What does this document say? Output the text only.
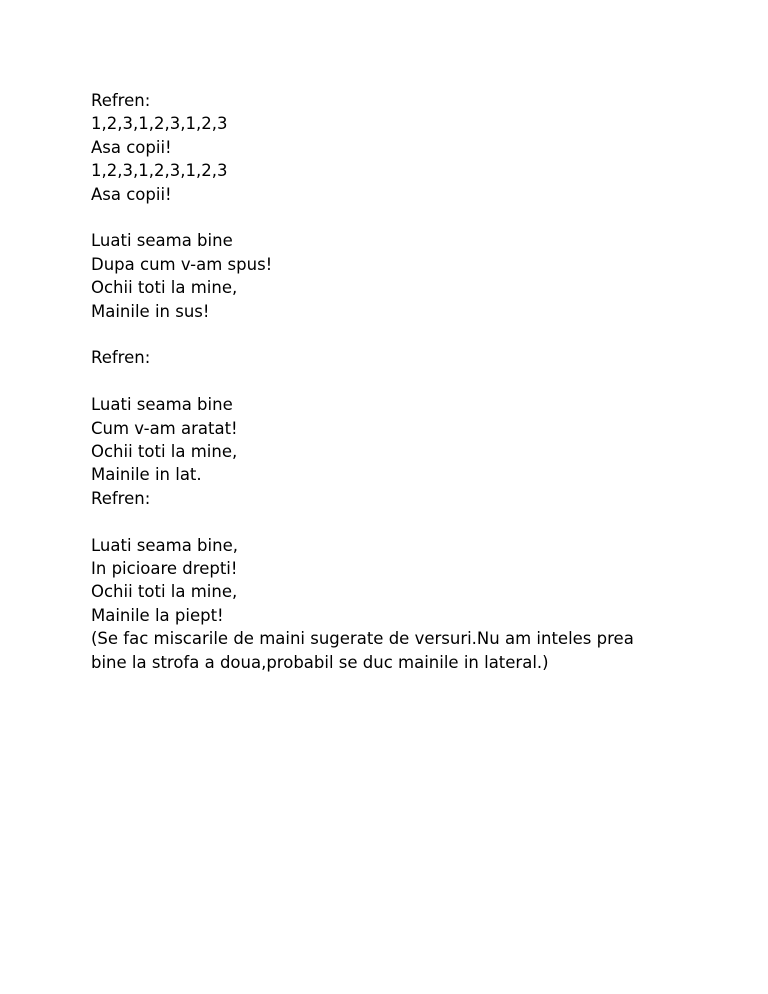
Refren:
1,2,3,1,2,3,1,2,3
Asa copii!
1,2,3,1,2,3,1,2,3
Asa copii!
Luati seama bine
Dupa cum v-am spus!
Ochii toti la mine,
Mainile in sus!
Refren:
Luati seama bine
Cum v-am aratat!
Ochii toti la mine,
Mainile in lat.
Refren:
Luati seama bine,
In picioare drepti!
Ochii toti la mine,
Mainile la piept!
(Se fac miscarile de maini sugerate de versuri.Nu am inteles prea
bine la strofa a doua,probabil se duc mainile in lateral.)
